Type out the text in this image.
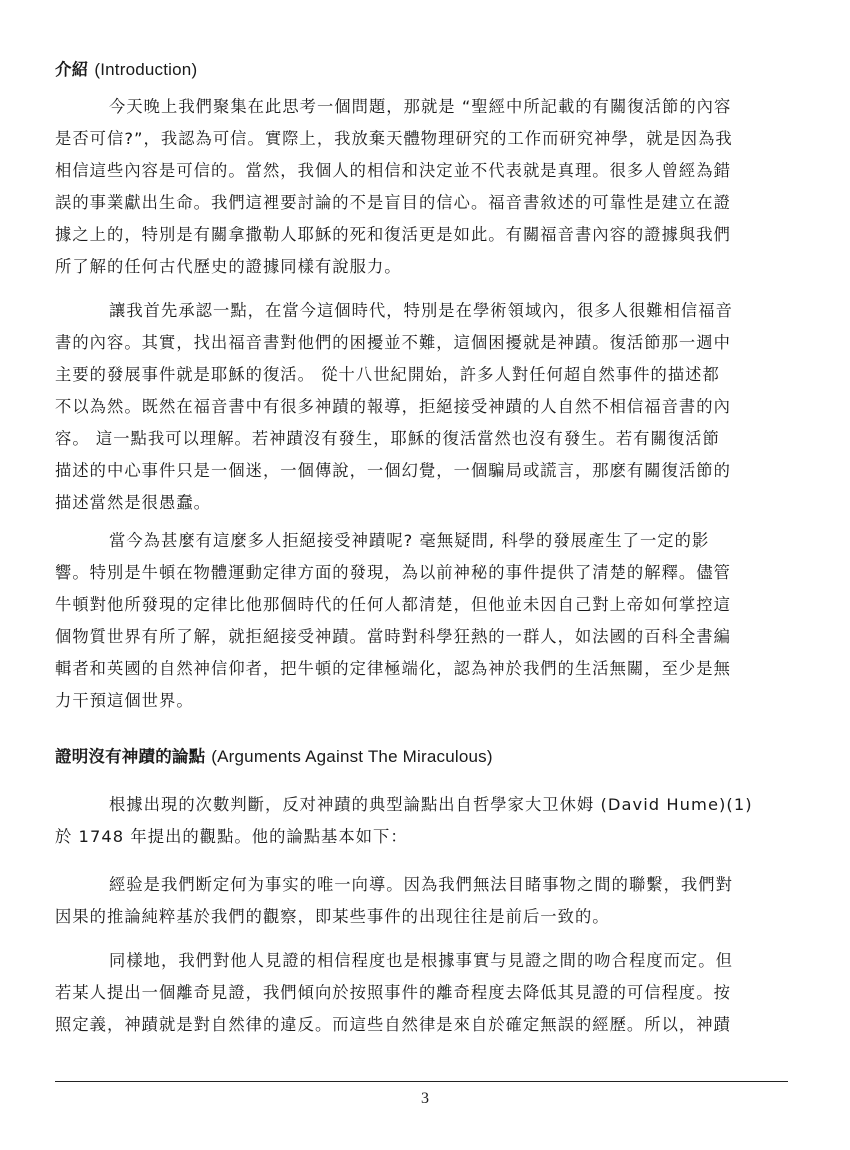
介紹 (Introduction)
今天晚上我們聚集在此思考一個問題，那就是 “聖經中所記載的有關復活節的內容
是否可信?”，我認為可信。實際上，我放棄天體物理研究的工作而研究神學，就是因為我
相信這些內容是可信的。當然，我個人的相信和決定並不代表就是真理。很多人曾經為錯
誤的事業獻出生命。我們這裡要討論的不是盲目的信心。福音書敘述的可靠性是建立在證
據之上的，特別是有關拿撒勒人耶穌的死和復活更是如此。有關福音書內容的證據與我們
所了解的任何古代歷史的證據同樣有說服力。
讓我首先承認一點，在當今這個時代，特別是在學術領域內，很多人很難相信福音
書的內容。其實，找出福音書對他們的困擾並不難，這個困擾就是神蹟。復活節那一週中
主要的發展事件就是耶穌的復活。 從十八世紀開始，許多人對任何超自然事件的描述都
不以為然。既然在福音書中有很多神蹟的報導，拒絕接受神蹟的人自然不相信福音書的內
容。 這一點我可以理解。若神蹟沒有發生，耶穌的復活當然也沒有發生。若有關復活節
描述的中心事件只是一個迷，一個傳說，一個幻覺，一個騙局或謊言，那麽有關復活節的
描述當然是很愚蠢。
當今為甚麼有這麼多人拒絕接受神蹟呢? 毫無疑問, 科學的發展產生了一定的影
響。特別是牛頓在物體運動定律方面的發現，為以前神秘的事件提供了清楚的解釋。儘管
牛頓對他所發現的定律比他那個時代的任何人都清楚，但他並未因自己對上帝如何掌控這
個物質世界有所了解，就拒絕接受神蹟。當時對科學狂熱的一群人，如法國的百科全書編
輯者和英國的自然神信仰者，把牛頓的定律極端化，認為神於我們的生活無關，至少是無
力干預這個世界。
證明沒有神蹟的論點 (Arguments Against The Miraculous)
根據出現的次數判斷，反对神蹟的典型論點出自哲學家大卫休姆 (David Hume)(1)
於 1748 年提出的觀點。他的論點基本如下：
經验是我們断定何为事实的唯一向導。因為我們無法目睹事物之間的聯繫，我們對
因果的推論純粹基於我們的觀察，即某些事件的出现往往是前后一致的。
同樣地，我們對他人見證的相信程度也是根據事實与見證之間的吻合程度而定。但
若某人提出一個離奇見證，我們傾向於按照事件的離奇程度去降低其見證的可信程度。按
照定義，神蹟就是對自然律的違反。而這些自然律是來自於確定無誤的經歷。所以，神蹟
3
